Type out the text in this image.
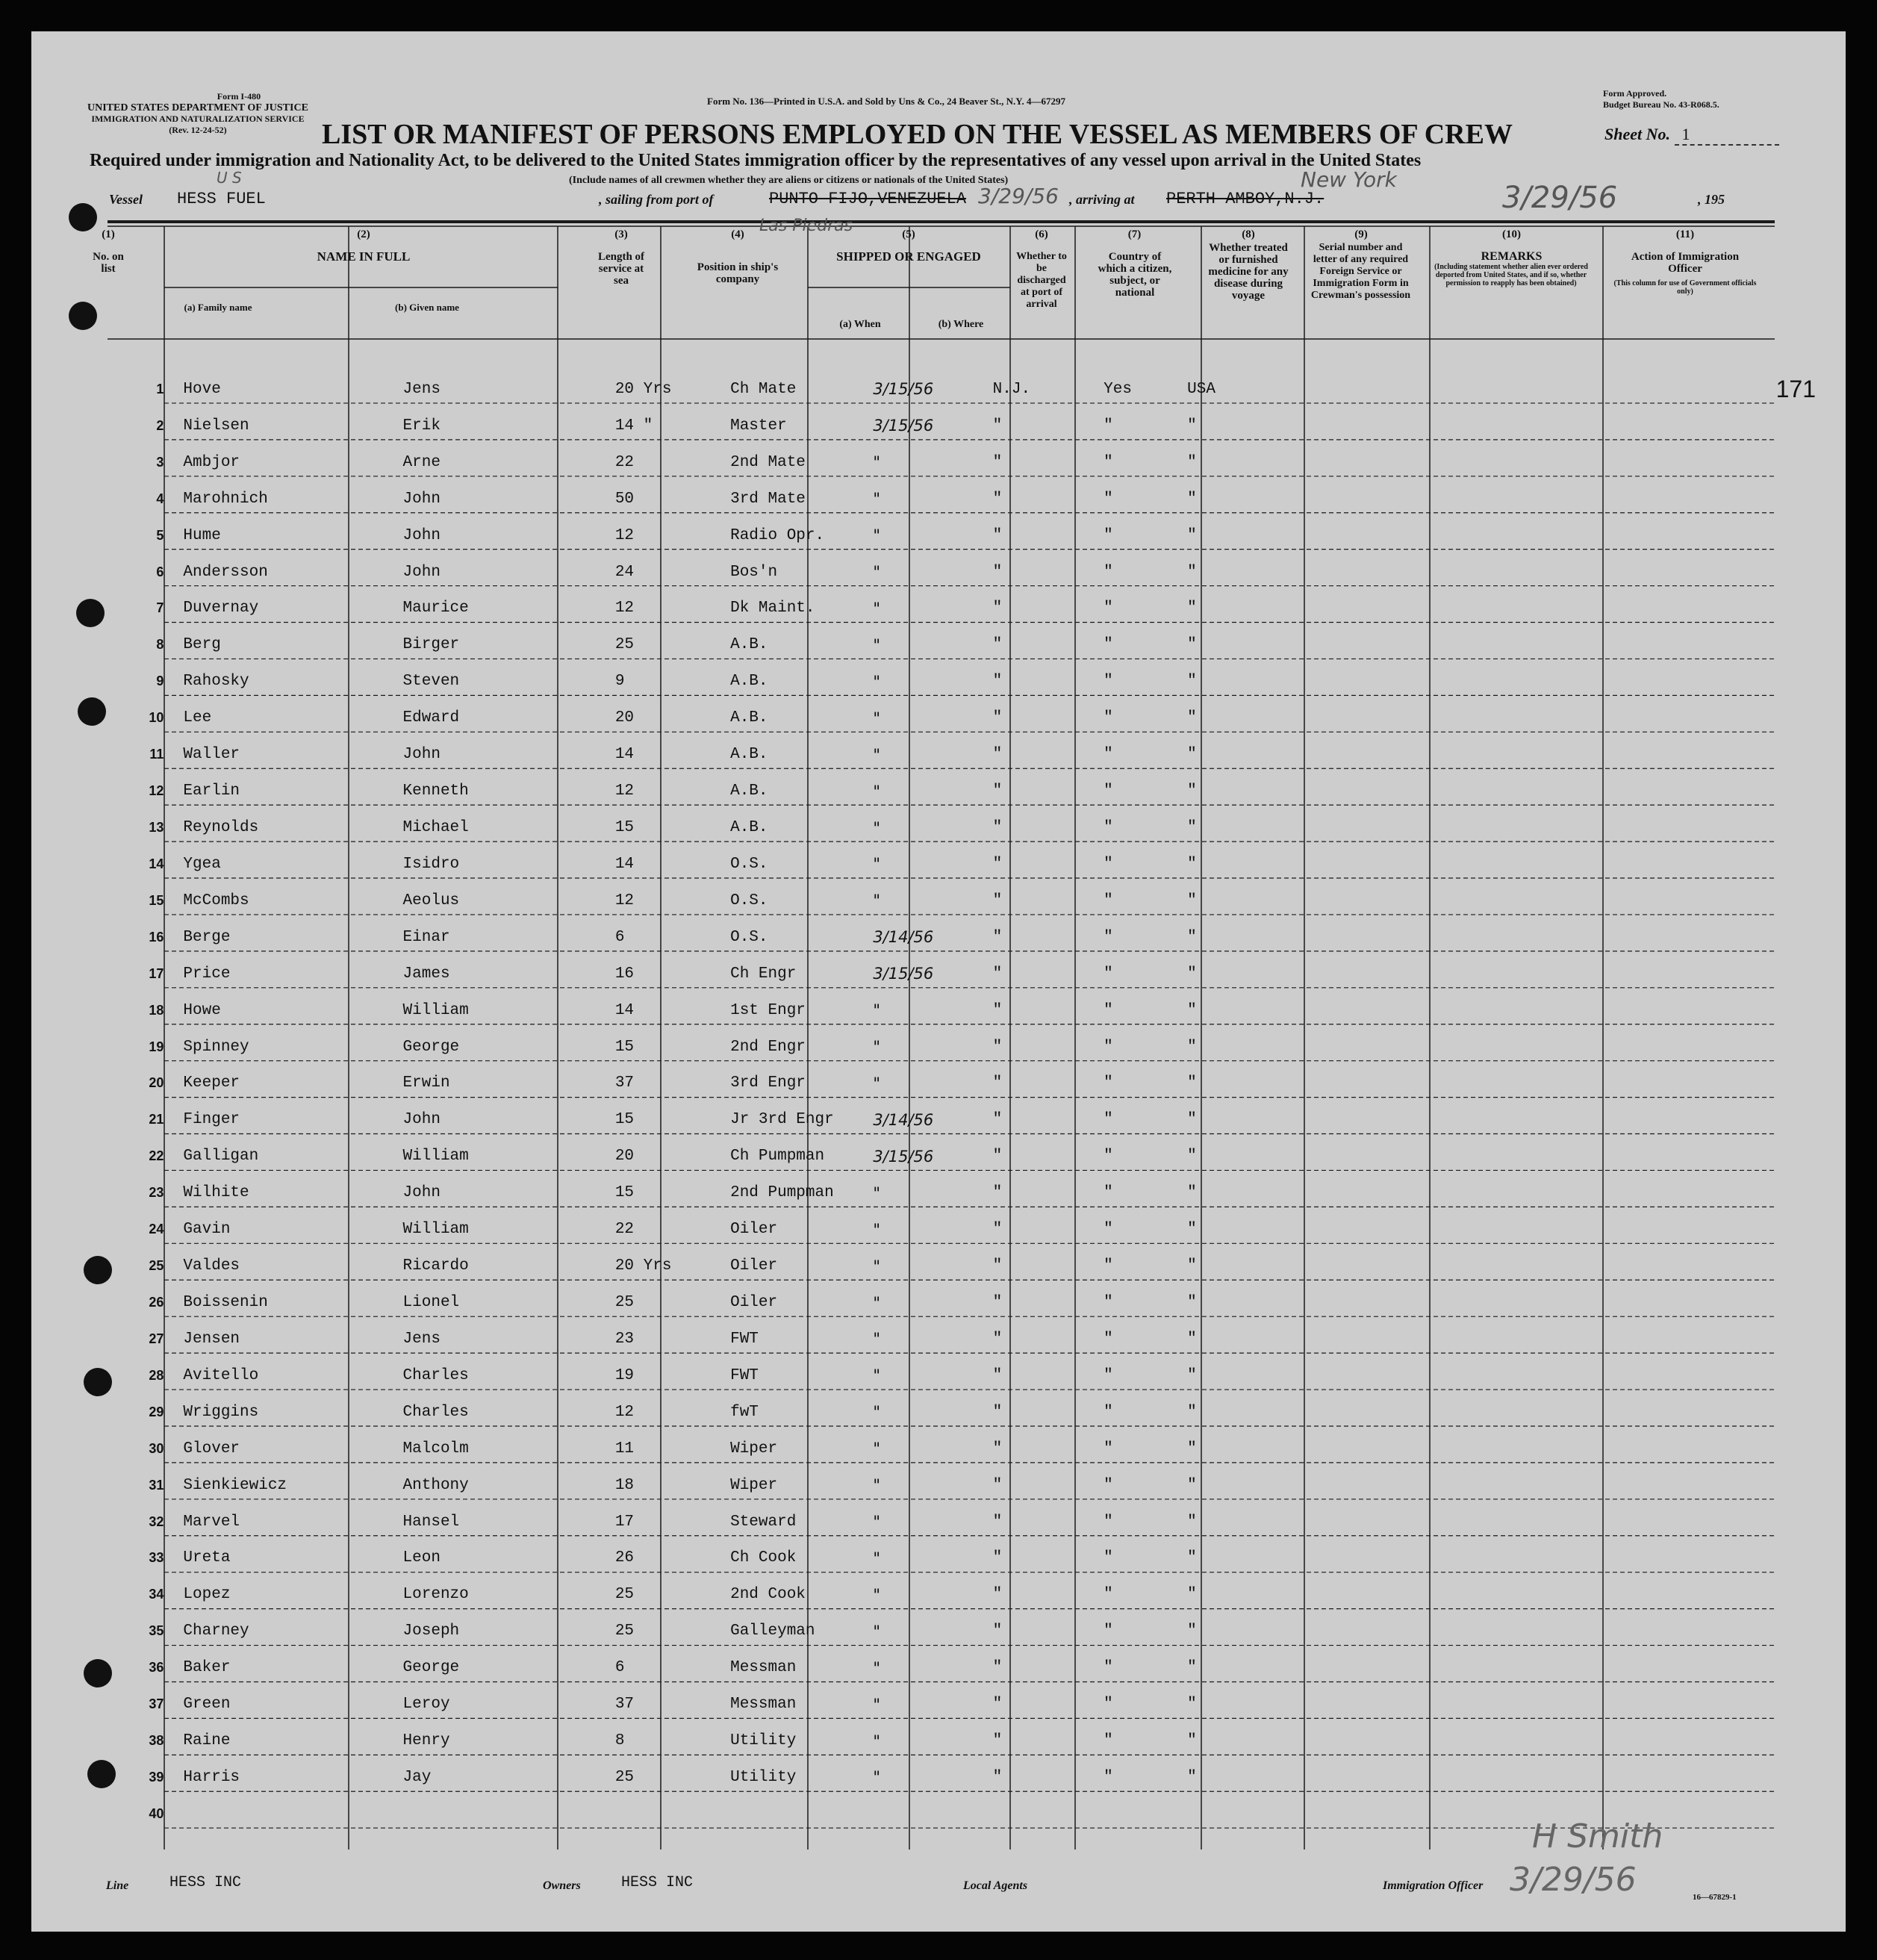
Form I-480
UNITED STATES DEPARTMENT OF JUSTICE
IMMIGRATION AND NATURALIZATION SERVICE
(Rev. 12-24-52)
Form No. 136—Printed in U.S.A. and Sold by Uns & Co., 24 Beaver St., N.Y. 4—67297
Form Approved.
Budget Bureau No. 43-R068.5.
LIST OR MANIFEST OF PERSONS EMPLOYED ON THE VESSEL AS MEMBERS OF CREW	Sheet No. 1
Required under immigration and Nationality Act, to be delivered to the United States immigration officer by the representatives of any vessel upon arrival in the United States
(Include names of all crewmen whether they are aliens or citizens or nationals of the United States)
Vessel HESS FUEL
U S
, sailing from port of	PUNTO FIJO,VENEZUELA 3/29/56 , arriving at PERTH AMBOY,N.J.
New York
3/29/56	, 195
Las Piedras
(1)
No. on list
(2)
NAME IN FULL
(a) Family name	(b) Given name
(3)
Length of service at sea
(4)
Position in ship's company
(5)
SHIPPED OR ENGAGED
(a) When	(b) Where
(6)
Whether to be discharged at port of arrival
(7)
Country of which a citizen, subject, or national
(8)
Whether treated or furnished medicine for any disease during voyage
(9)
Serial number and letter of any required Foreign Service or Immigration Form in Crewman's possession
(10)
REMARKS
(Including statement whether alien ever ordered deported from United States, and if so, whether permission to reapply has been obtained)
(11)
Action of Immigration Officer
(This column for use of Government officials only)
1	Hove	Jens	20 Yrs	Ch Mate	3/15/56	N.J.	Yes	USA				171
2	Nielsen	Erik	14 "	Master	3/15/56	"	"	"				
3	Ambjor	Arne	22	2nd Mate	"	"	"	"				
4	Marohnich	John	50	3rd Mate	"	"	"	"				
5	Hume	John	12	Radio Opr.	"	"	"	"				
6	Andersson	John	24	Bos'n	"	"	"	"				
7	Duvernay	Maurice	12	Dk Maint.	"	"	"	"				
8	Berg	Birger	25	A.B.	"	"	"	"				
9	Rahosky	Steven	9	A.B.	"	"	"	"				
10	Lee	Edward	20	A.B.	"	"	"	"				
11	Waller	John	14	A.B.	"	"	"	"				
12	Earlin	Kenneth	12	A.B.	"	"	"	"				
13	Reynolds	Michael	15	A.B.	"	"	"	"				
14	Ygea	Isidro	14	O.S.	"	"	"	"				
15	McCombs	Aeolus	12	O.S.	"	"	"	"				
16	Berge	Einar	6	O.S.	3/14/56	"	"	"				
17	Price	James	16	Ch Engr	3/15/56	"	"	"				
18	Howe	William	14	1st Engr	"	"	"	"				
19	Spinney	George	15	2nd Engr	"	"	"	"				
20	Keeper	Erwin	37	3rd Engr	"	"	"	"				
21	Finger	John	15	Jr 3rd Engr	3/14/56	"	"	"				
22	Galligan	William	20	Ch Pumpman	3/15/56	"	"	"				
23	Wilhite	John	15	2nd Pumpman	"	"	"	"				
24	Gavin	William	22	Oiler	"	"	"	"				
25	Valdes	Ricardo	20 Yrs	Oiler	"	"	"	"				
26	Boissenin	Lionel	25	Oiler	"	"	"	"				
27	Jensen	Jens	23	FWT	"	"	"	"				
28	Avitello	Charles	19	FWT	"	"	"	"				
29	Wriggins	Charles	12	fwT	"	"	"	"				
30	Glover	Malcolm	11	Wiper	"	"	"	"				
31	Sienkiewicz	Anthony	18	Wiper	"	"	"	"				
32	Marvel	Hansel	17	Steward	"	"	"	"				
33	Ureta	Leon	26	Ch Cook	"	"	"	"				
34	Lopez	Lorenzo	25	2nd Cook	"	"	"	"				
35	Charney	Joseph	25	Galleyman	"	"	"	"				
36	Baker	George	6	Messman	"	"	"	"				
37	Green	Leroy	37	Messman	"	"	"	"				
38	Raine	Henry	8	Utility	"	"	"	"				
39	Harris	Jay	25	Utility	"	"	"	"				
40												
Line	HESS INC	Owners	HESS INC	Local Agents	Immigration Officer
H Smith
3/29/56	16—67829-1
